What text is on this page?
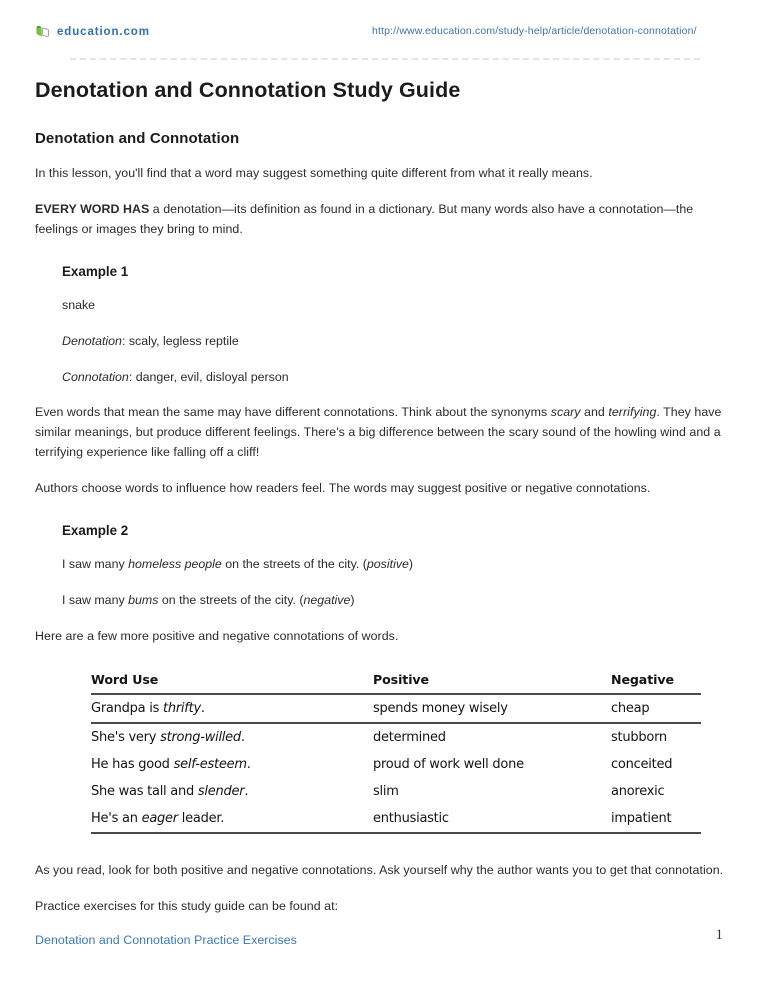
education.com	http://www.education.com/study-help/article/denotation-connotation/
Denotation and Connotation Study Guide
Denotation and Connotation

In this lesson, you'll find that a word may suggest something quite different from what it really means.

EVERY WORD HAS a denotation—its definition as found in a dictionary. But many words also have a connotation—the feelings or images they bring to mind.

Example 1

snake

Denotation: scaly, legless reptile

Connotation: danger, evil, disloyal person

Even words that mean the same may have different connotations. Think about the synonyms scary and terrifying. They have similar meanings, but produce different feelings. There's a big difference between the scary sound of the howling wind and a terrifying experience like falling off a cliff!

Authors choose words to influence how readers feel. The words may suggest positive or negative connotations.

Example 2

I saw many homeless people on the streets of the city. (positive)

I saw many bums on the streets of the city. (negative)

Here are a few more positive and negative connotations of words.

Word Use	Positive	Negative
Grandpa is thrifty.	spends money wisely	cheap
She's very strong-willed.	determined	stubborn
He has good self-esteem.	proud of work well done	conceited
She was tall and slender.	slim	anorexic
He's an eager leader.	enthusiastic	impatient

As you read, look for both positive and negative connotations. Ask yourself why the author wants you to get that connotation.

Practice exercises for this study guide can be found at:

Denotation and Connotation Practice Exercises	1
